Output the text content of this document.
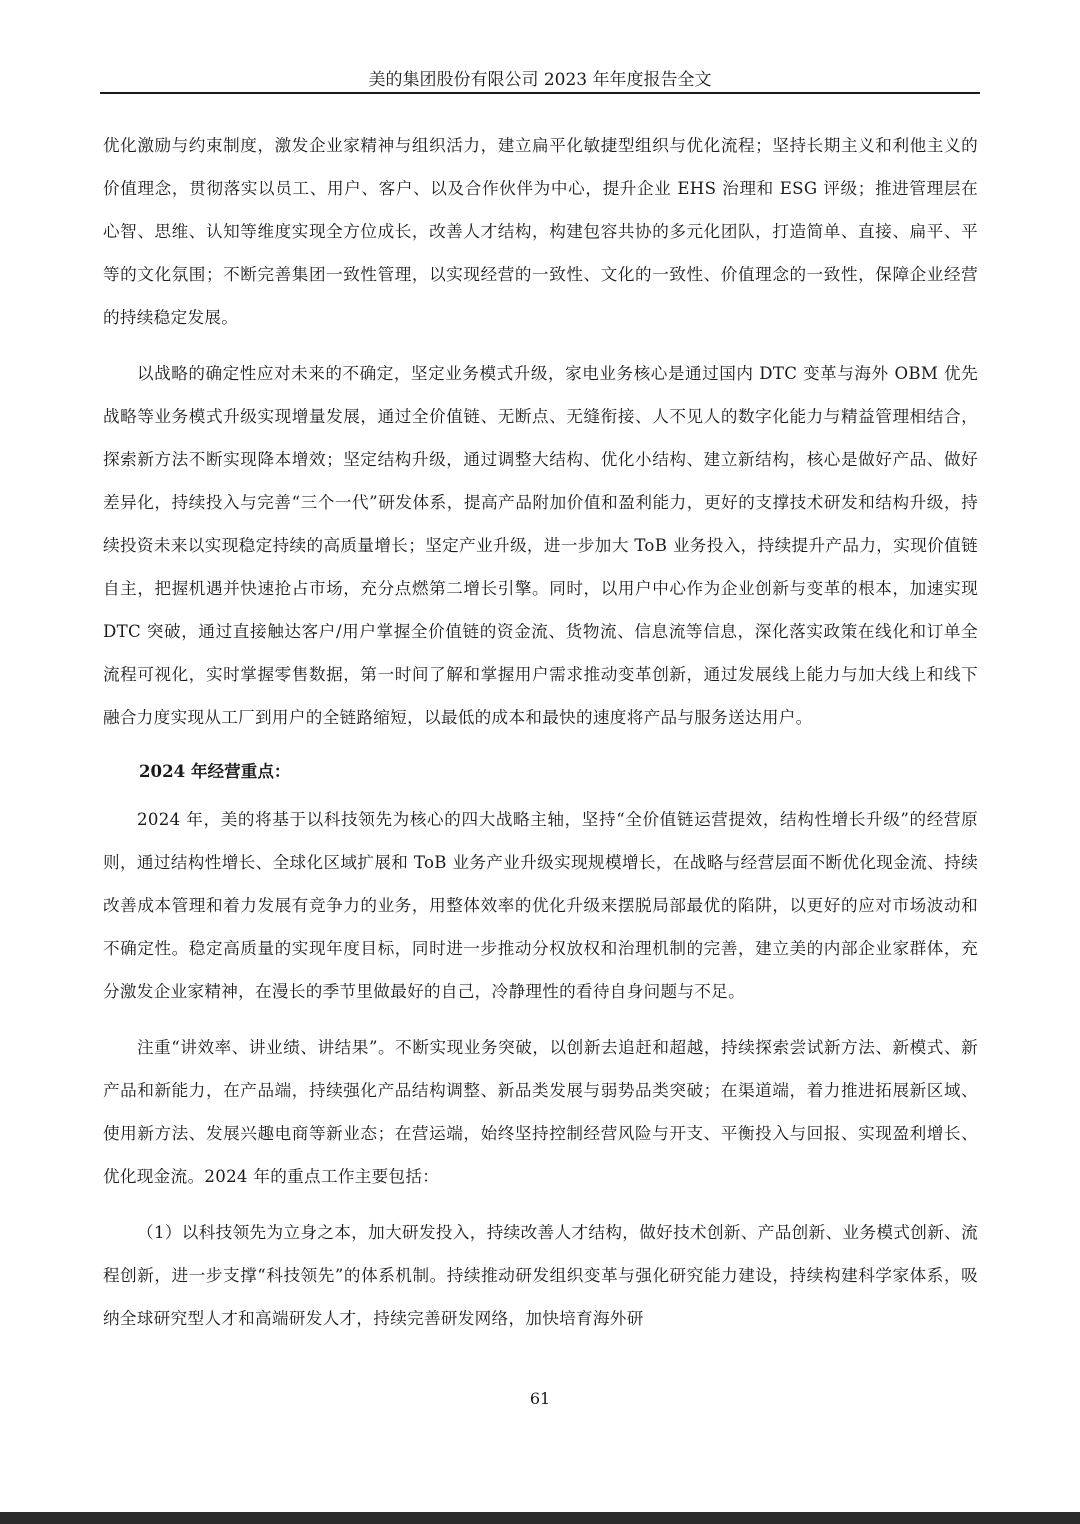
美的集团股份有限公司 2023 年年度报告全文

优化激励与约束制度，激发企业家精神与组织活力，建立扁平化敏捷型组织与优化流程；坚持长期主义和利他主义的价值理念，贯彻落实以员工、用户、客户、以及合作伙伴为中心，提升企业 EHS 治理和 ESG 评级；推进管理层在心智、思维、认知等维度实现全方位成长，改善人才结构，构建包容共协的多元化团队，打造简单、直接、扁平、平等的文化氛围；不断完善集团一致性管理，以实现经营的一致性、文化的一致性、价值理念的一致性，保障企业经营的持续稳定发展。

以战略的确定性应对未来的不确定，坚定业务模式升级，家电业务核心是通过国内 DTC 变革与海外 OBM 优先战略等业务模式升级实现增量发展，通过全价值链、无断点、无缝衔接、人不见人的数字化能力与精益管理相结合，探索新方法不断实现降本增效；坚定结构升级，通过调整大结构、优化小结构、建立新结构，核心是做好产品、做好差异化，持续投入与完善“三个一代”研发体系，提高产品附加价值和盈利能力，更好的支撑技术研发和结构升级，持续投资未来以实现稳定持续的高质量增长；坚定产业升级，进一步加大 ToB 业务投入，持续提升产品力，实现价值链自主，把握机遇并快速抢占市场，充分点燃第二增长引擎。同时，以用户中心作为企业创新与变革的根本，加速实现 DTC 突破，通过直接触达客户/用户掌握全价值链的资金流、货物流、信息流等信息，深化落实政策在线化和订单全流程可视化，实时掌握零售数据，第一时间了解和掌握用户需求推动变革创新，通过发展线上能力与加大线上和线下融合力度实现从工厂到用户的全链路缩短，以最低的成本和最快的速度将产品与服务送达用户。

2024 年经营重点：

2024 年，美的将基于以科技领先为核心的四大战略主轴，坚持“全价值链运营提效，结构性增长升级”的经营原则，通过结构性增长、全球化区域扩展和 ToB 业务产业升级实现规模增长，在战略与经营层面不断优化现金流、持续改善成本管理和着力发展有竞争力的业务，用整体效率的优化升级来摆脱局部最优的陷阱，以更好的应对市场波动和不确定性。稳定高质量的实现年度目标，同时进一步推动分权放权和治理机制的完善，建立美的内部企业家群体，充分激发企业家精神，在漫长的季节里做最好的自己，冷静理性的看待自身问题与不足。

注重“讲效率、讲业绩、讲结果”。不断实现业务突破，以创新去追赶和超越，持续探索尝试新方法、新模式、新产品和新能力，在产品端，持续强化产品结构调整、新品类发展与弱势品类突破；在渠道端，着力推进拓展新区域、使用新方法、发展兴趣电商等新业态；在营运端，始终坚持控制经营风险与开支、平衡投入与回报、实现盈利增长、优化现金流。2024 年的重点工作主要包括：

（1）以科技领先为立身之本，加大研发投入，持续改善人才结构，做好技术创新、产品创新、业务模式创新、流程创新，进一步支撑“科技领先”的体系机制。持续推动研发组织变革与强化研究能力建设，持续构建科学家体系，吸纳全球研究型人才和高端研发人才，持续完善研发网络，加快培育海外研

61
